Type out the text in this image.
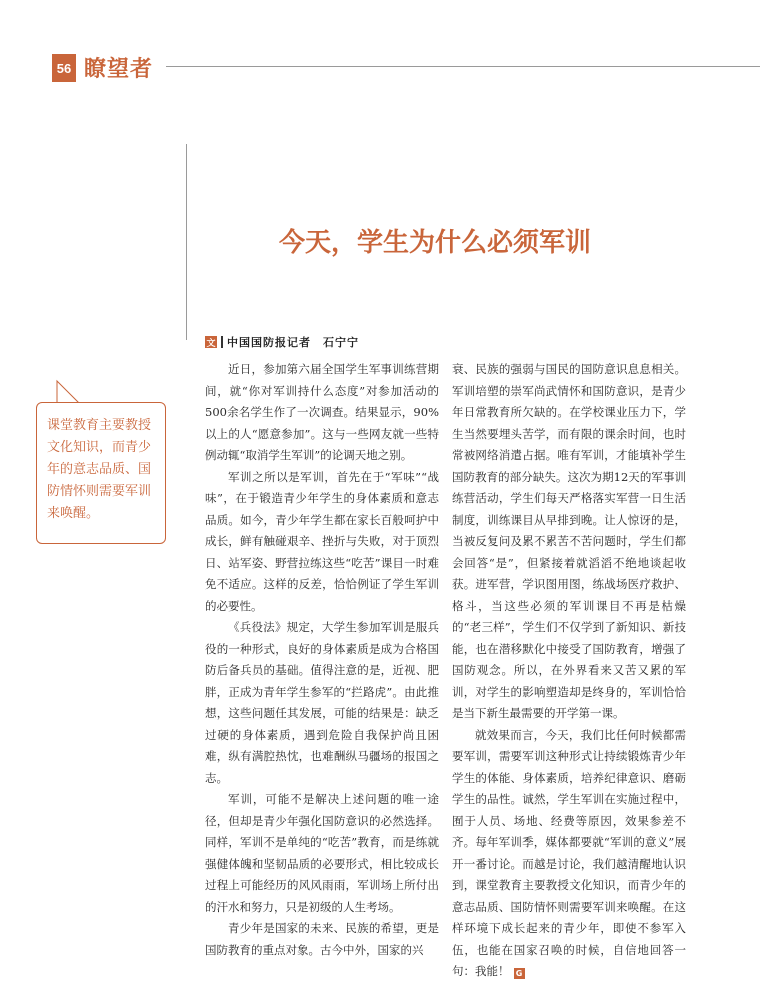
56 瞭望者
今天，学生为什么必须军训
文 中国国防报记者　石宁宁
课堂教育主要教授文化知识，而青少年的意志品质、国防情怀则需要军训来唤醒。

近日，参加第六届全国学生军事训练营期间，就“你对军训持什么态度”对参加活动的500余名学生作了一次调查。结果显示，90%以上的人“愿意参加”。这与一些网友就一些特例动辄“取消学生军训”的论调天地之别。

军训之所以是军训，首先在于“军味”“战味”，在于锻造青少年学生的身体素质和意志品质。如今，青少年学生都在家长百般呵护中成长，鲜有触碰艰辛、挫折与失败，对于顶烈日、站军姿、野营拉练这些“吃苦”课目一时难免不适应。这样的反差，恰恰例证了学生军训的必要性。

《兵役法》规定，大学生参加军训是服兵役的一种形式，良好的身体素质是成为合格国防后备兵员的基础。值得注意的是，近视、肥胖，正成为青年学生参军的“拦路虎”。由此推想，这些问题任其发展，可能的结果是：缺乏过硬的身体素质，遇到危险自我保护尚且困难，纵有满腔热忱，也难酬纵马疆场的报国之志。

军训，可能不是解决上述问题的唯一途径，但却是青少年强化国防意识的必然选择。同样，军训不是单纯的“吃苦”教育，而是练就强健体魄和坚韧品质的必要形式，相比较成长过程上可能经历的风风雨雨，军训场上所付出的汗水和努力，只是初级的人生考场。

青少年是国家的未来、民族的希望，更是国防教育的重点对象。古今中外，国家的兴

衰、民族的强弱与国民的国防意识息息相关。军训培塑的崇军尚武情怀和国防意识，是青少年日常教育所欠缺的。在学校课业压力下，学生当然要埋头苦学，而有限的课余时间，也时常被网络消遣占据。唯有军训，才能填补学生国防教育的部分缺失。这次为期12天的军事训练营活动，学生们每天严格落实军营一日生活制度，训练课目从早排到晚。让人惊讶的是，当被反复问及累不累苦不苦问题时，学生们都会回答“是”，但紧接着就滔滔不绝地谈起收获。进军营，学识图用图，练战场医疗救护、格斗，当这些必须的军训课目不再是枯燥的“老三样”，学生们不仅学到了新知识、新技能，也在潜移默化中接受了国防教育，增强了国防观念。所以，在外界看来又苦又累的军训，对学生的影响塑造却是终身的，军训恰恰是当下新生最需要的开学第一课。

就效果而言，今天，我们比任何时候都需要军训，需要军训这种形式让持续锻炼青少年学生的体能、身体素质，培养纪律意识、磨砺学生的品性。诚然，学生军训在实施过程中，囿于人员、场地、经费等原因，效果参差不齐。每年军训季，媒体都要就“军训的意义”展开一番讨论。而越是讨论，我们越清醒地认识到，课堂教育主要教授文化知识，而青少年的意志品质、国防情怀则需要军训来唤醒。在这样环境下成长起来的青少年，即使不参军入伍，也能在国家召唤的时候，自信地回答一句：我能！ G
